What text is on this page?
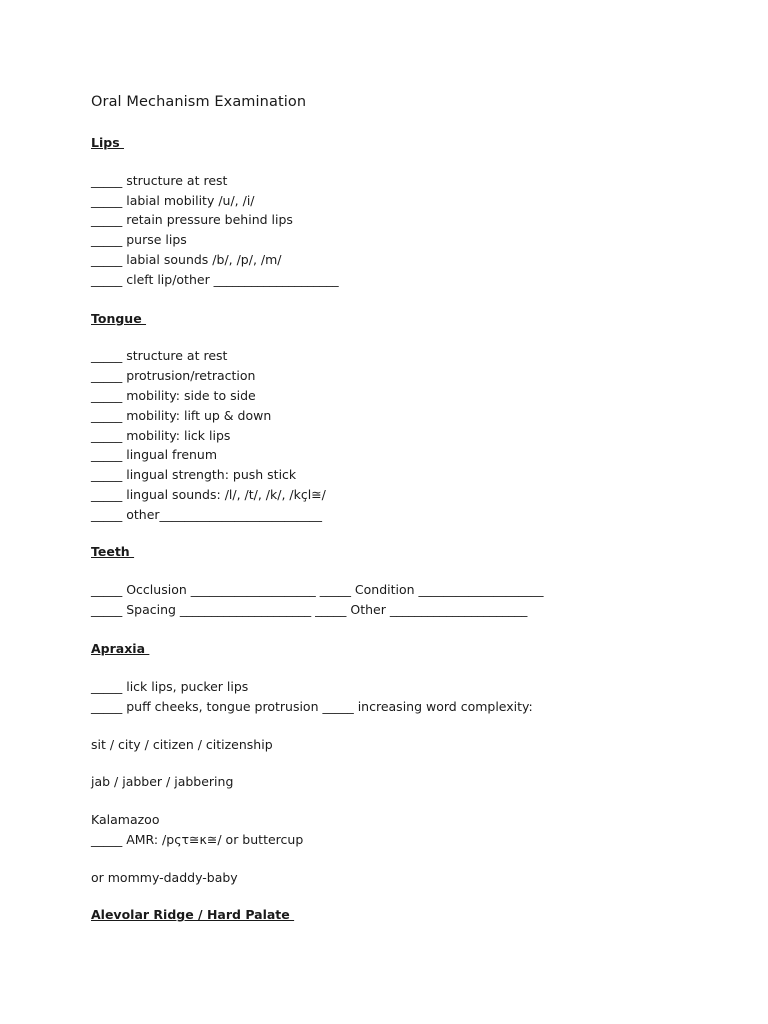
Oral Mechanism Examination
Lips
_____ structure at rest
_____ labial mobility /u/, /i/
_____ retain pressure behind lips
_____ purse lips
_____ labial sounds /b/, /p/, /m/
_____ cleft lip/other ____________________
Tongue
_____ structure at rest
_____ protrusion/retraction
_____ mobility: side to side
_____ mobility: lift up & down
_____ mobility: lick lips
_____ lingual frenum
_____ lingual strength: push stick
_____ lingual sounds: /l/, /t/, /k/, /kçl≅/
_____ other__________________________
Teeth
_____ Occlusion ____________________ _____ Condition ____________________
_____ Spacing _____________________ _____ Other ______________________
Apraxia
_____ lick lips, pucker lips
_____ puff cheeks, tongue protrusion _____ increasing word complexity:
sit / city / citizen / citizenship
jab / jabber / jabbering
Kalamazoo
_____ AMR: /pςτ≅κ≅/ or buttercup
or mommy-daddy-baby
Alevolar Ridge / Hard Palate
